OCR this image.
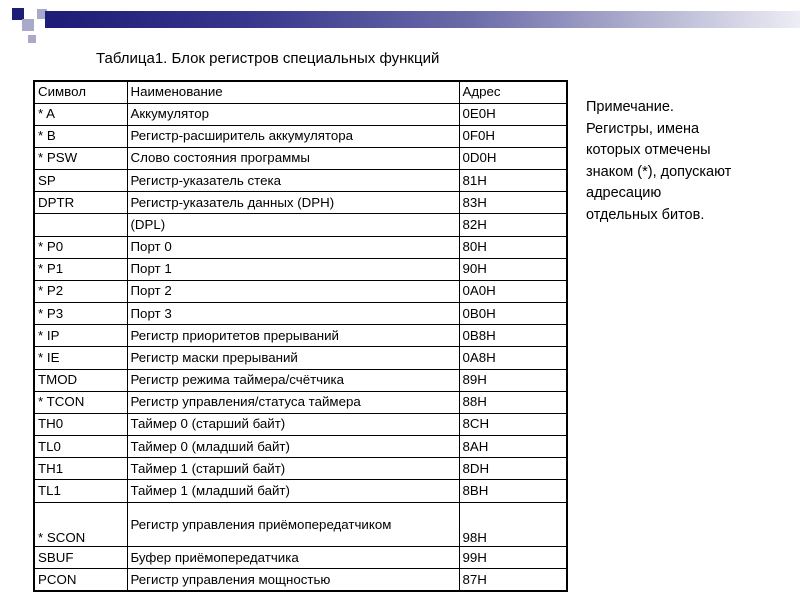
Таблица1. Блок регистров специальных функций
Символ	Наименование	Адрес
* A	Аккумулятор	0E0H
* B	Регистр-расширитель аккумулятора	0F0H
* PSW	Слово состояния программы	0D0H
SP	Регистр-указатель стека	81H
DPTR	Регистр-указатель данных (DPH)	83H
	(DPL)	82H
* P0	Порт 0	80H
* P1	Порт 1	90H
* P2	Порт 2	0A0H
* P3	Порт 3	0B0H
* IP	Регистр приоритетов прерываний	0B8H
* IE	Регистр маски прерываний	0A8H
TMOD	Регистр режима таймера/счётчика	89H
* TCON	Регистр управления/статуса таймера	88H
TH0	Таймер 0 (старший байт)	8CH
TL0	Таймер 0 (младший байт)	8AH
TH1	Таймер 1 (старший байт)	8DH
TL1	Таймер 1 (младший байт)	8BH
* SCON	Регистр управления приёмопередатчиком	98H
SBUF	Буфер приёмопередатчика	99H
PCON	Регистр управления мощностью	87H
Примечание.
Регистры, имена
которых отмечены
знаком (*), допускают
адресацию
отдельных битов.
